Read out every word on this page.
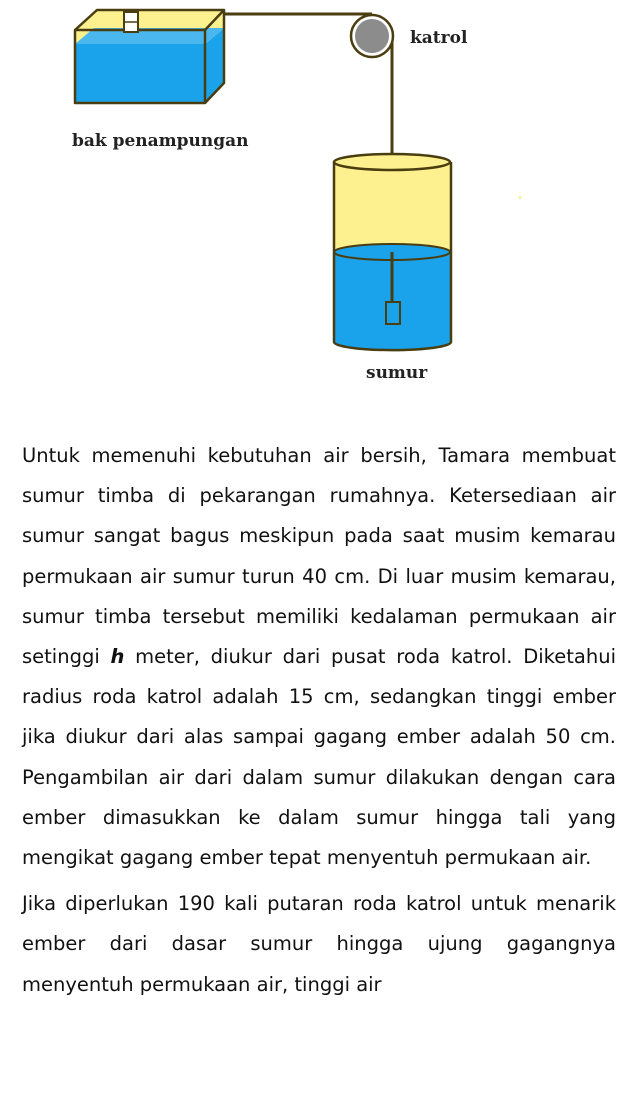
katrol
bak penampungan
sumur

Untuk memenuhi kebutuhan air bersih, Tamara membuat sumur timba di pekarangan rumahnya. Ketersediaan air sumur sangat bagus meskipun pada saat musim kemarau permukaan air sumur turun 40 cm. Di luar musim kemarau, sumur timba tersebut memiliki kedalaman permukaan air setinggi h meter, diukur dari pusat roda katrol. Diketahui radius roda katrol adalah 15 cm, sedangkan tinggi ember jika diukur dari alas sampai gagang ember adalah 50 cm. Pengambilan air dari dalam sumur dilakukan dengan cara ember dimasukkan ke dalam sumur hingga tali yang mengikat gagang ember tepat menyentuh permukaan air.

Jika diperlukan 190 kali putaran roda katrol untuk menarik ember dari dasar sumur hingga ujung gagangnya menyentuh permukaan air, tinggi air
